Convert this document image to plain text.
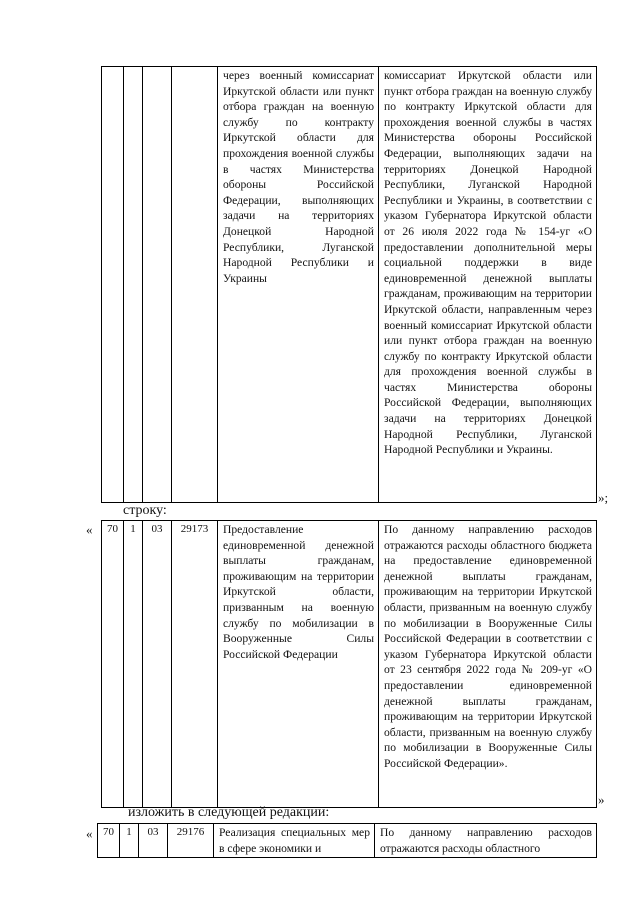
				через военный комиссариат Иркутской области или пункт отбора граждан на военную службу по контракту Иркутской области для прохождения военной службы в частях Министерства обороны Российской Федерации, выполняющих задачи на территориях Донецкой Народной Республики, Луганской Народной Республики и Украины	комиссариат Иркутской области или пункт отбора граждан на военную службу по контракту Иркутской области для прохождения военной службы в частях Министерства обороны Российской Федерации, выполняющих задачи на территориях Донецкой Народной Республики, Луганской Народной Республики и Украины, в соответствии с указом Губернатора Иркутской области от 26 июля 2022 года № 154-уг «О предоставлении дополнительной меры социальной поддержки в виде единовременной денежной выплаты гражданам, проживающим на территории Иркутской области, направленным через военный комиссариат Иркутской области или пункт отбора граждан на военную службу по контракту Иркутской области для прохождения военной службы в частях Министерства обороны Российской Федерации, выполняющих задачи на территориях Донецкой Народной Республики, Луганской Народной Республики и Украины.
»;
строку:
« 70	1	03	29173	Предоставление единовременной денежной выплаты гражданам, проживающим на территории Иркутской области, призванным на военную службу по мобилизации в Вооруженные Силы Российской Федерации	По данному направлению расходов отражаются расходы областного бюджета на предоставление единовременной денежной выплаты гражданам, проживающим на территории Иркутской области, призванным на военную службу по мобилизации в Вооруженные Силы Российской Федерации в соответствии с указом Губернатора Иркутской области от 23 сентября 2022 года № 209-уг «О предоставлении единовременной денежной выплаты гражданам, проживающим на территории Иркутской области, призванным на военную службу по мобилизации в Вооруженные Силы Российской Федерации».
»
изложить в следующей редакции:
« 70	1	03	29176	Реализация специальных мер в сфере экономики и	По данному направлению расходов отражаются расходы областного
